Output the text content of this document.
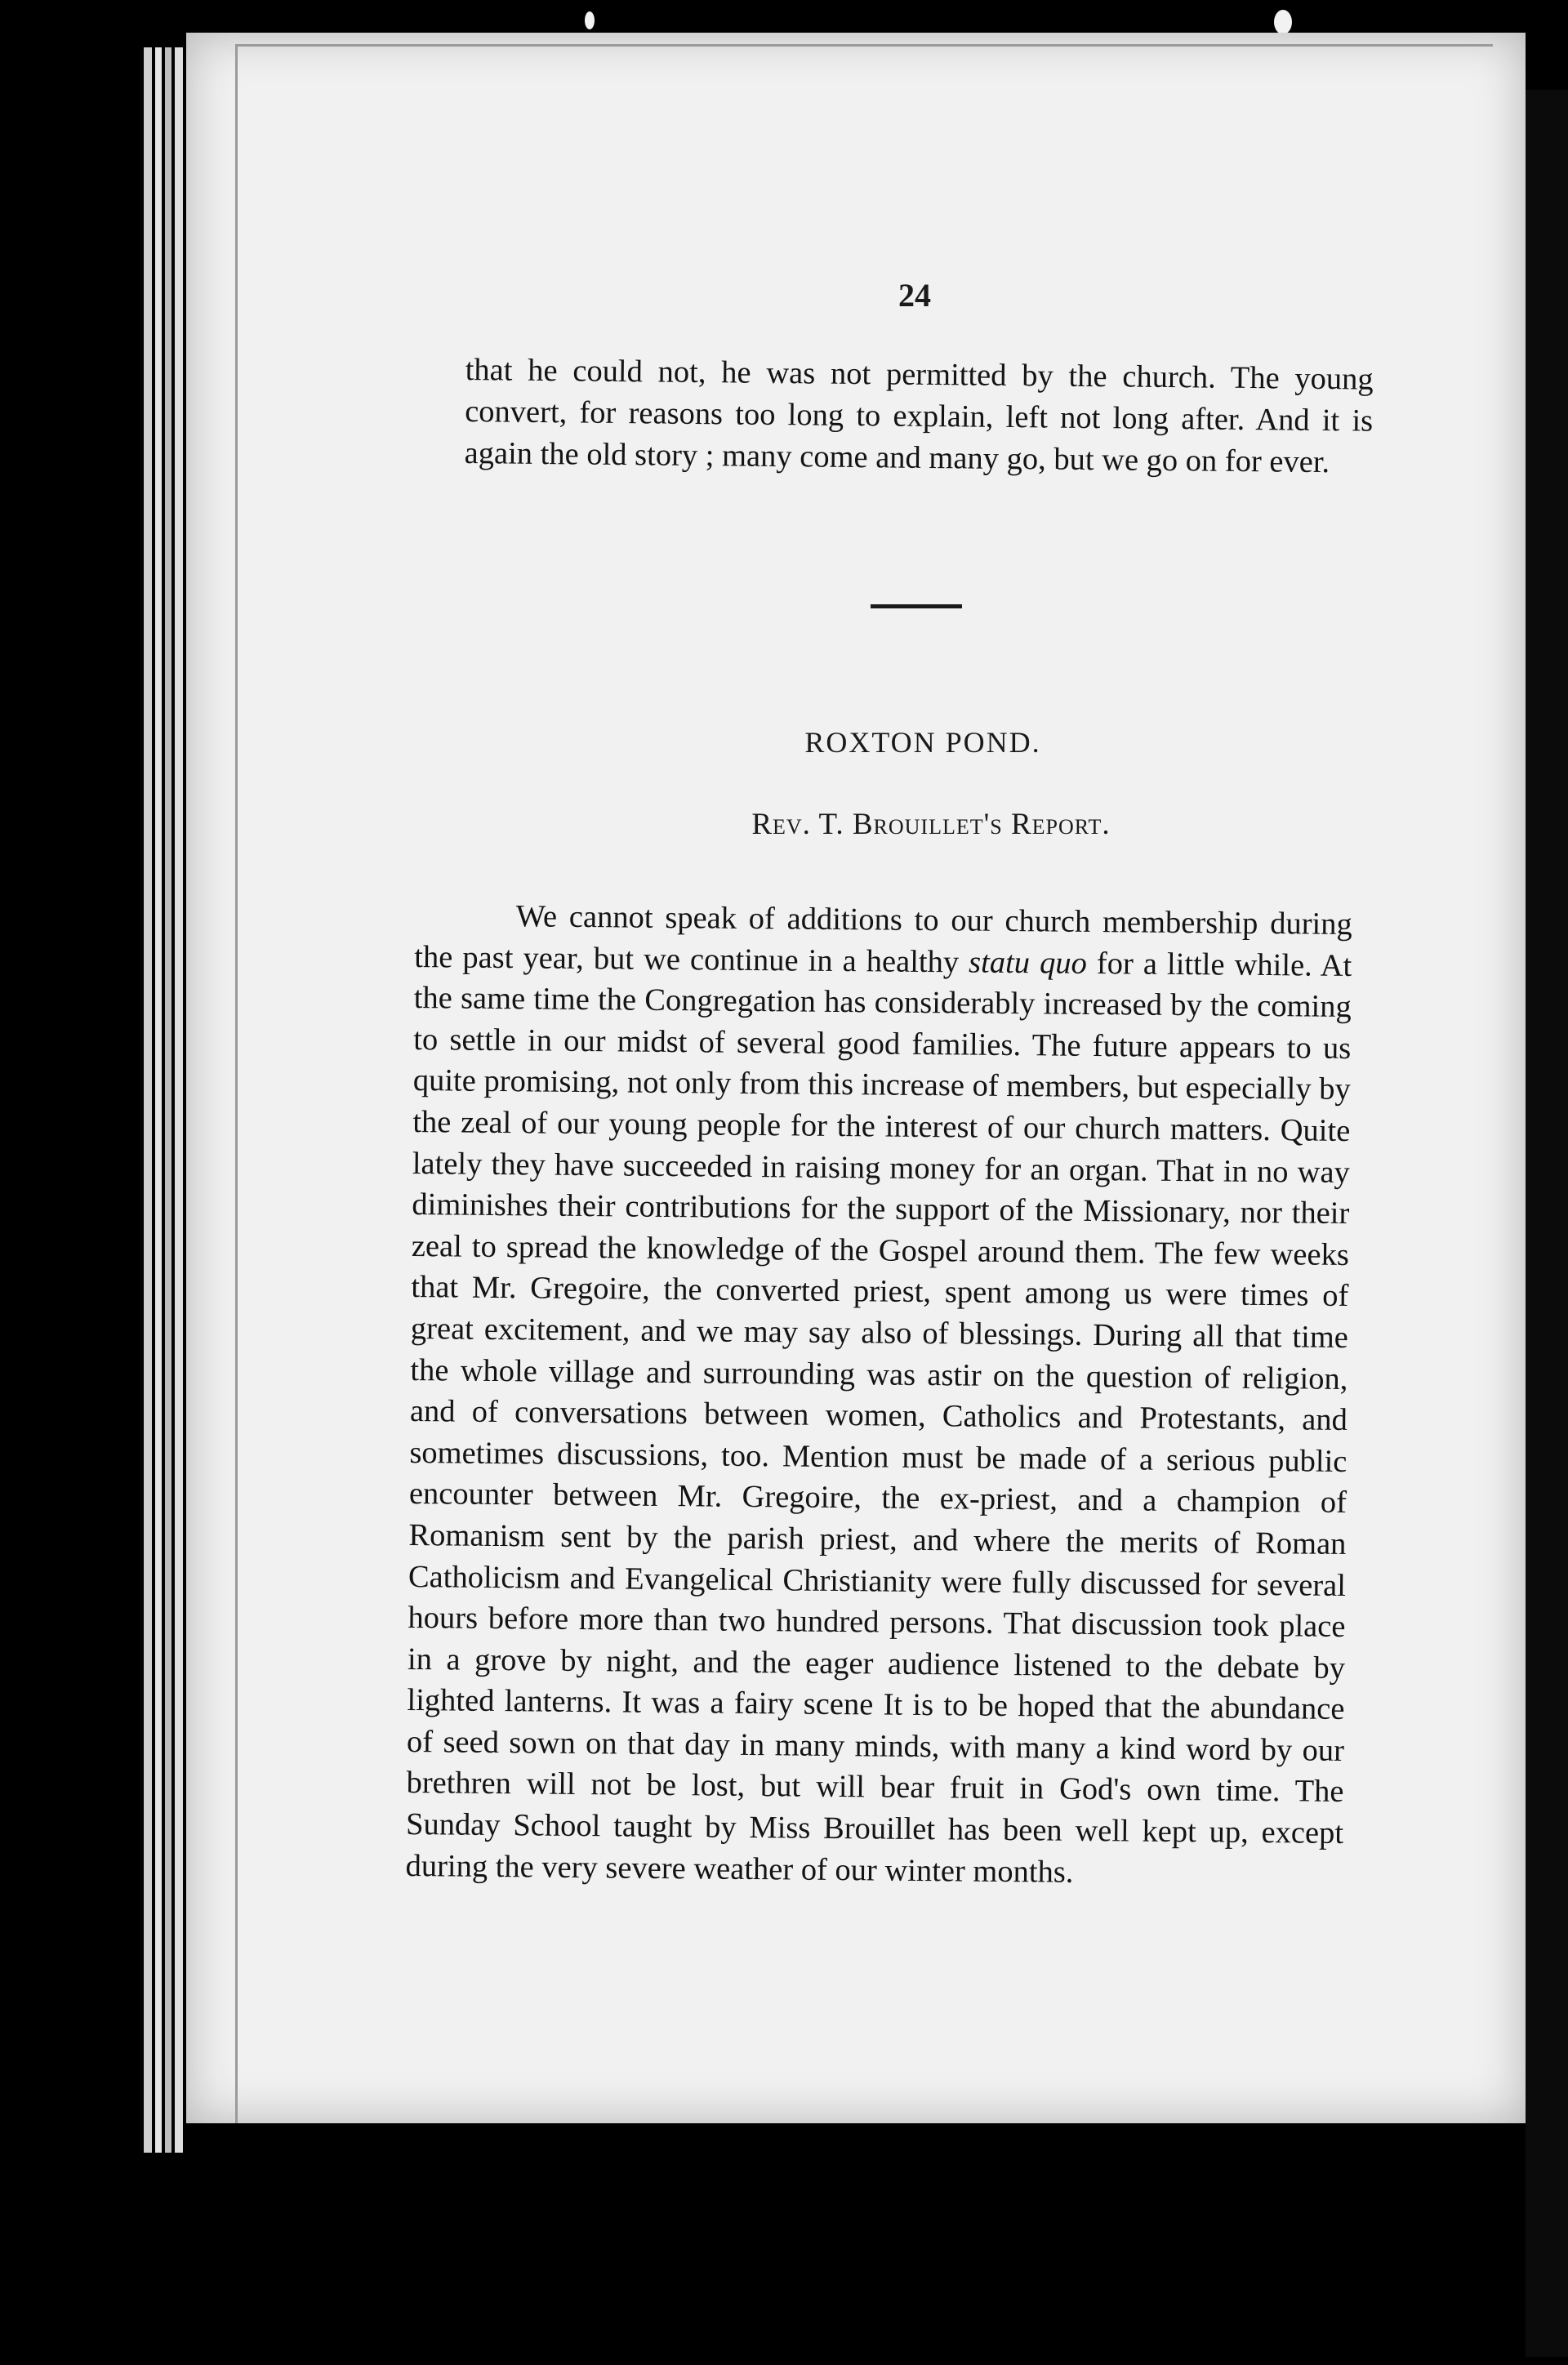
24

that he could not, he was not permitted by the church. The young convert, for reasons too long to explain, left not long after. And it is again the old story ; many come and many go, but we go on for ever.

ROXTON POND.
Rev. T. Brouillet's Report.

We cannot speak of additions to our church membership during the past year, but we continue in a healthy statu quo for a little while. At the same time the Congregation has considerably increased by the coming to settle in our midst of several good families. The future appears to us quite promising, not only from this increase of members, but especially by the zeal of our young people for the interest of our church matters. Quite lately they have succeeded in raising money for an organ. That in no way diminishes their contributions for the support of the Missionary, nor their zeal to spread the knowledge of the Gospel around them. The few weeks that Mr. Gregoire, the converted priest, spent among us were times of great excitement, and we may say also of blessings. During all that time the whole village and surrounding was astir on the question of religion, and of conversations between women, Catholics and Protestants, and sometimes discussions, too. Mention must be made of a serious public encounter between Mr. Gregoire, the ex-priest, and a champion of Romanism sent by the parish priest, and where the merits of Roman Catholicism and Evangelical Christianity were fully discussed for several hours before more than two hundred persons. That discussion took place in a grove by night, and the eager audience listened to the debate by lighted lanterns. It was a fairy scene It is to be hoped that the abundance of seed sown on that day in many minds, with many a kind word by our brethren will not be lost, but will bear fruit in God's own time. The Sunday School taught by Miss Brouillet has been well kept up, except during the very severe weather of our winter months.
